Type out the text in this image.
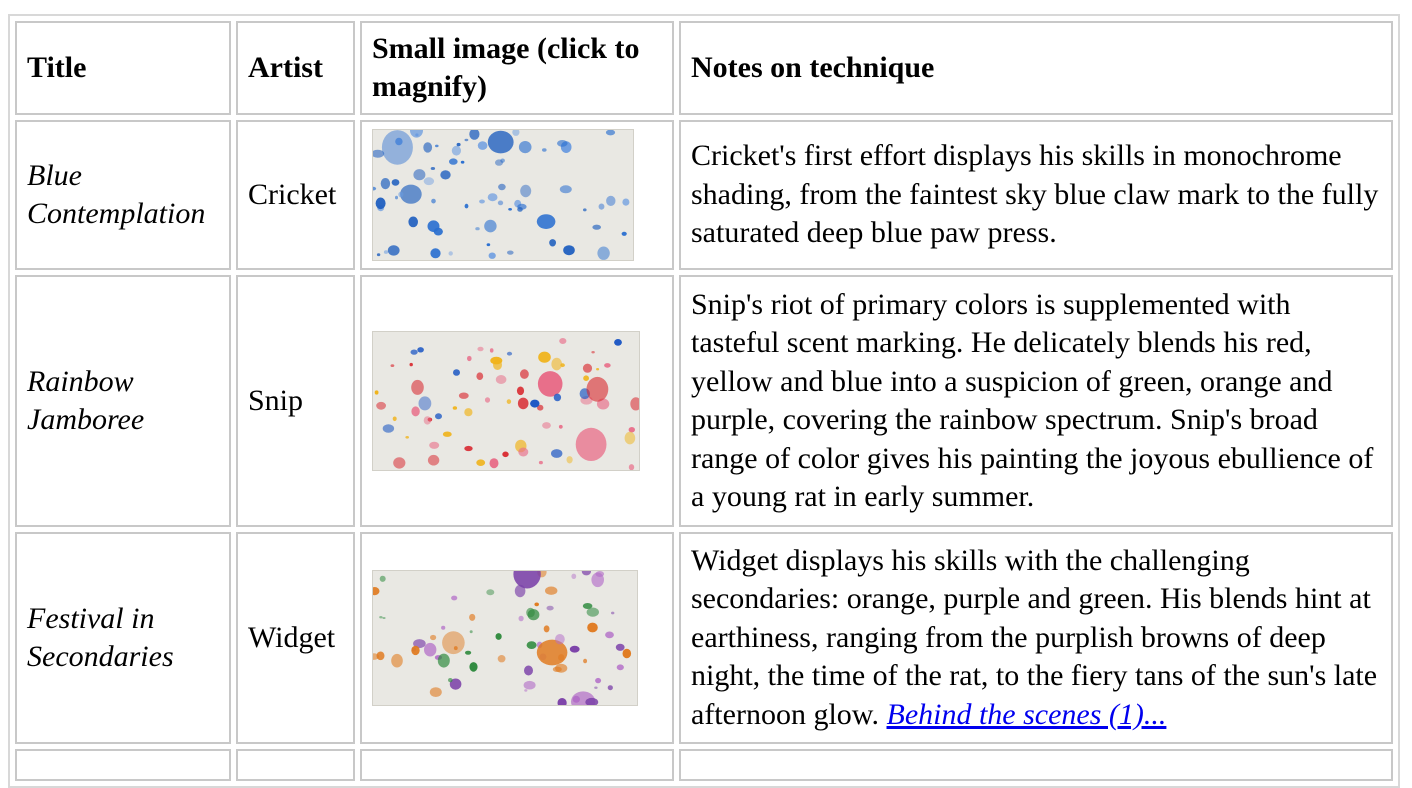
Title	Artist	Small image (click to magnify)	Notes on technique
Blue Contemplation	Cricket		Cricket's first effort displays his skills in monochrome shading, from the faintest sky blue claw mark to the fully saturated deep blue paw press.
Rainbow Jamboree	Snip		Snip's riot of primary colors is supplemented with tasteful scent marking. He delicately blends his red, yellow and blue into a suspicion of green, orange and purple, covering the rainbow spectrum. Snip's broad range of color gives his painting the joyous ebullience of a young rat in early summer.
Festival in Secondaries	Widget		Widget displays his skills with the challenging secondaries: orange, purple and green. His blends hint at earthiness, ranging from the purplish browns of deep night, the time of the rat, to the fiery tans of the sun's late afternoon glow. Behind the scenes (1)...
